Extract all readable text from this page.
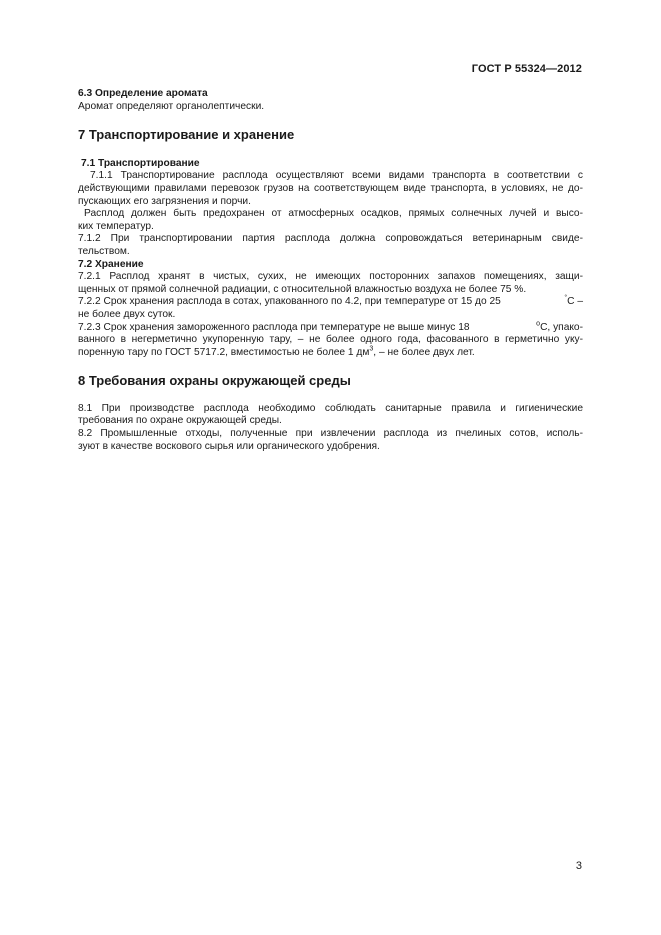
ГОСТ Р 55324—2012

6.3 Определение аромата

Аромат определяют органолептически.

7 Транспортирование и хранение

7.1 Транспортирование

7.1.1 Транспортирование расплода осуществляют всеми видами транспорта в соответствии с
действующими правилами перевозок грузов на соответствующем виде транспорта, в условиях, не до-
пускающих его загрязнения и порчи.
Расплод должен быть предохранен от атмосферных осадков, прямых солнечных лучей и высо-
ких температур.
7.1.2 При транспортировании партия расплода должна сопровождаться ветеринарным свиде-
тельством.

7.2 Хранение

7.2.1 Расплод хранят в чистых, сухих, не имеющих посторонних запахов помещениях, защи-
щенных от прямой солнечной радиации, с относительной влажностью воздуха не более 75 %.
7.2.2 Срок хранения расплода в сотах, упакованного по 4.2, при температуре от 15 до 25	°С –
не более двух суток.
7.2.3 Срок хранения замороженного расплода при температуре не выше минус 18	$^о$С, упако-
ванного в негерметично укупоренную тару, – не более одного года, фасованного в герметично уку-
поренную тару по ГОСТ 5717.2, вместимостью не более 1 $дм^3$, – не более двух лет.

8 Требования охраны окружающей среды

8.1 При производстве расплода необходимо соблюдать санитарные правила и гигиенические
требования по охране окружающей среды.
8.2 Промышленные отходы, полученные при извлечении расплода из пчелиных сотов, исполь-
зуют в качестве воскового сырья или органического удобрения.
3
